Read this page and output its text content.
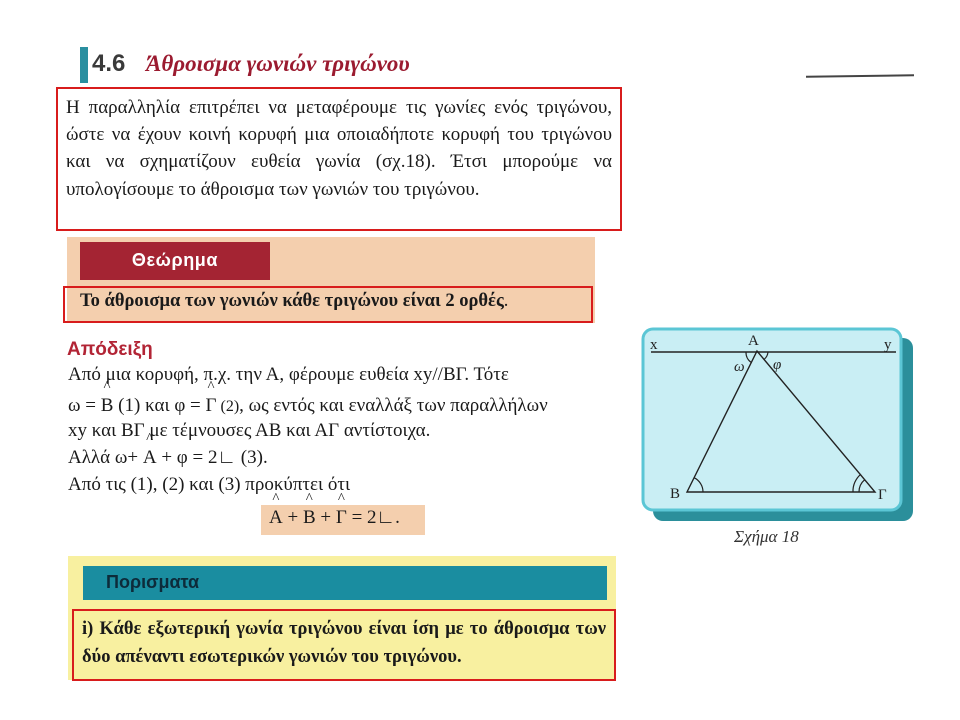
4.6 Άθροισμα γωνιών τριγώνου
Η παραλληλία επιτρέπει να μεταφέρουμε τις γωνίες ενός τριγώνου, ώστε να έχουν κοινή κορυφή μια οποιαδήποτε κορυφή του τριγώνου και να σχηματίζουν ευθεία γωνία (σχ.18). Έτσι μπορούμε να υπολογίσουμε το άθροισμα των γωνιών του τριγώνου.
Θεώρημα
Το άθροισμα των γωνιών κάθε τριγώνου είναι 2 ορθές.
Απόδειξη
Από μια κορυφή, π.χ. την Α, φέρουμε ευθεία xy//ΒΓ. Τότε
ω = ^ Β (1) και φ = ^ Γ (2), ως εντός και εναλλάξ των παραλλήλων
xy και ΒΓ με τέμνουσες ΑΒ και ΑΓ αντίστοιχα.
Αλλά ω+ ^ Α + φ = 2∟ (3).
Από τις (1), (2) και (3) προκύπτει ότι
^ Α + ^ Β + ^ Γ = 2∟.
Πορισματα
i) Κάθε εξωτερική γωνία τριγώνου είναι ίση με το άθροισμα των δύο απέναντι εσωτερικών γωνιών του τριγώνου.
x	y
A
ω φ
B	Γ
Σχήμα 18
